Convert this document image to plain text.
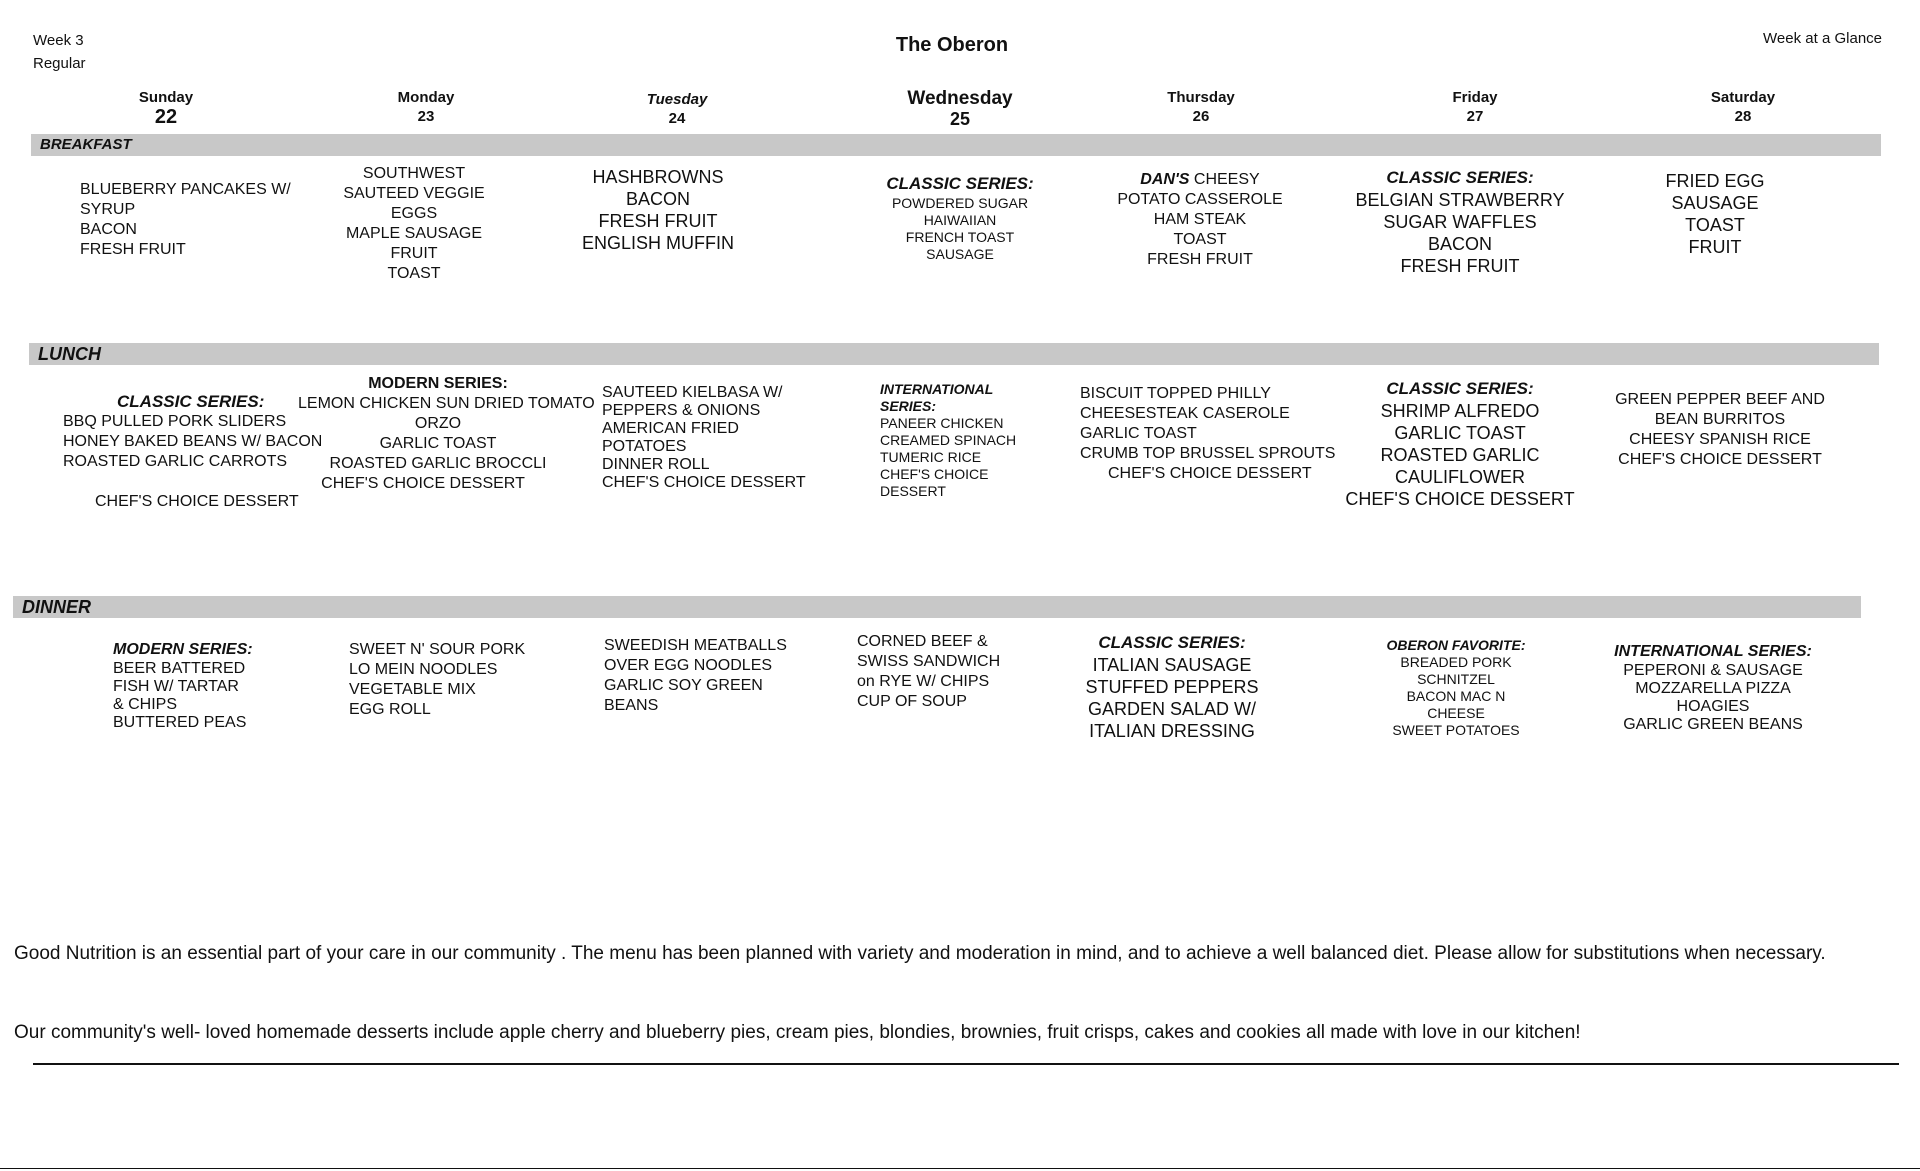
Week 3
Regular
The Oberon	Week at a Glance
Sunday
22
Monday
23
Tuesday
24
Wednesday
25
Thursday
26
Friday
27
Saturday
28
BREAKFAST
BLUEBERRY PANCAKES W/
SYRUP
BACON
FRESH FRUIT
SOUTHWEST
SAUTEED VEGGIE
EGGS
MAPLE SAUSAGE
FRUIT
TOAST
HASHBROWNS
BACON
FRESH FRUIT
ENGLISH MUFFIN
CLASSIC SERIES:
POWDERED SUGAR
HAIWAIIAN
FRENCH TOAST
SAUSAGE
DAN'S CHEESY
POTATO CASSEROLE
HAM STEAK
TOAST
FRESH FRUIT
CLASSIC SERIES:
BELGIAN STRAWBERRY
SUGAR WAFFLES
BACON
FRESH FRUIT
FRIED EGG
SAUSAGE
TOAST
FRUIT
LUNCH
CLASSIC SERIES:
BBQ PULLED PORK SLIDERS
HONEY BAKED BEANS W/ BACON
ROASTED GARLIC CARROTS
CHEF'S CHOICE DESSERT
MODERN SERIES:
LEMON CHICKEN SUN DRIED TOMATO
ORZO
GARLIC TOAST
ROASTED GARLIC BROCCLI
CHEF'S CHOICE DESSERT
SAUTEED KIELBASA W/
PEPPERS & ONIONS
AMERICAN FRIED
POTATOES
DINNER ROLL
CHEF'S CHOICE DESSERT
INTERNATIONAL SERIES:
PANEER CHICKEN
CREAMED SPINACH
TUMERIC RICE
CHEF'S CHOICE
DESSERT
BISCUIT TOPPED PHILLY
CHEESESTEAK CASEROLE
GARLIC TOAST
CRUMB TOP BRUSSEL SPROUTS
CHEF'S CHOICE DESSERT
CLASSIC SERIES:
SHRIMP ALFREDO
GARLIC TOAST
ROASTED GARLIC
CAULIFLOWER
CHEF'S CHOICE DESSERT
GREEN PEPPER BEEF AND
BEAN BURRITOS
CHEESY SPANISH RICE
CHEF'S CHOICE DESSERT
DINNER
MODERN SERIES:
BEER BATTERED
FISH W/ TARTAR
& CHIPS
BUTTERED PEAS
SWEET N' SOUR PORK
LO MEIN NOODLES
VEGETABLE MIX
EGG ROLL
SWEEDISH MEATBALLS
OVER EGG NOODLES
GARLIC SOY GREEN
BEANS
CORNED BEEF &
SWISS SANDWICH
on RYE W/ CHIPS
CUP OF SOUP
CLASSIC SERIES:
ITALIAN SAUSAGE
STUFFED PEPPERS
GARDEN SALAD W/
ITALIAN DRESSING
OBERON FAVORITE:
BREADED PORK
SCHNITZEL
BACON MAC N
CHEESE
SWEET POTATOES
INTERNATIONAL SERIES:
PEPERONI & SAUSAGE
MOZZARELLA PIZZA
HOAGIES
GARLIC GREEN BEANS
Good Nutrition is an essential part of your care in our community . The menu has been planned with variety and moderation in mind, and to achieve a well balanced diet. Please allow for substitutions when necessary.
Our community's well- loved homemade desserts include apple cherry and blueberry pies, cream pies, blondies, brownies, fruit crisps, cakes and cookies all made with love in our kitchen!
